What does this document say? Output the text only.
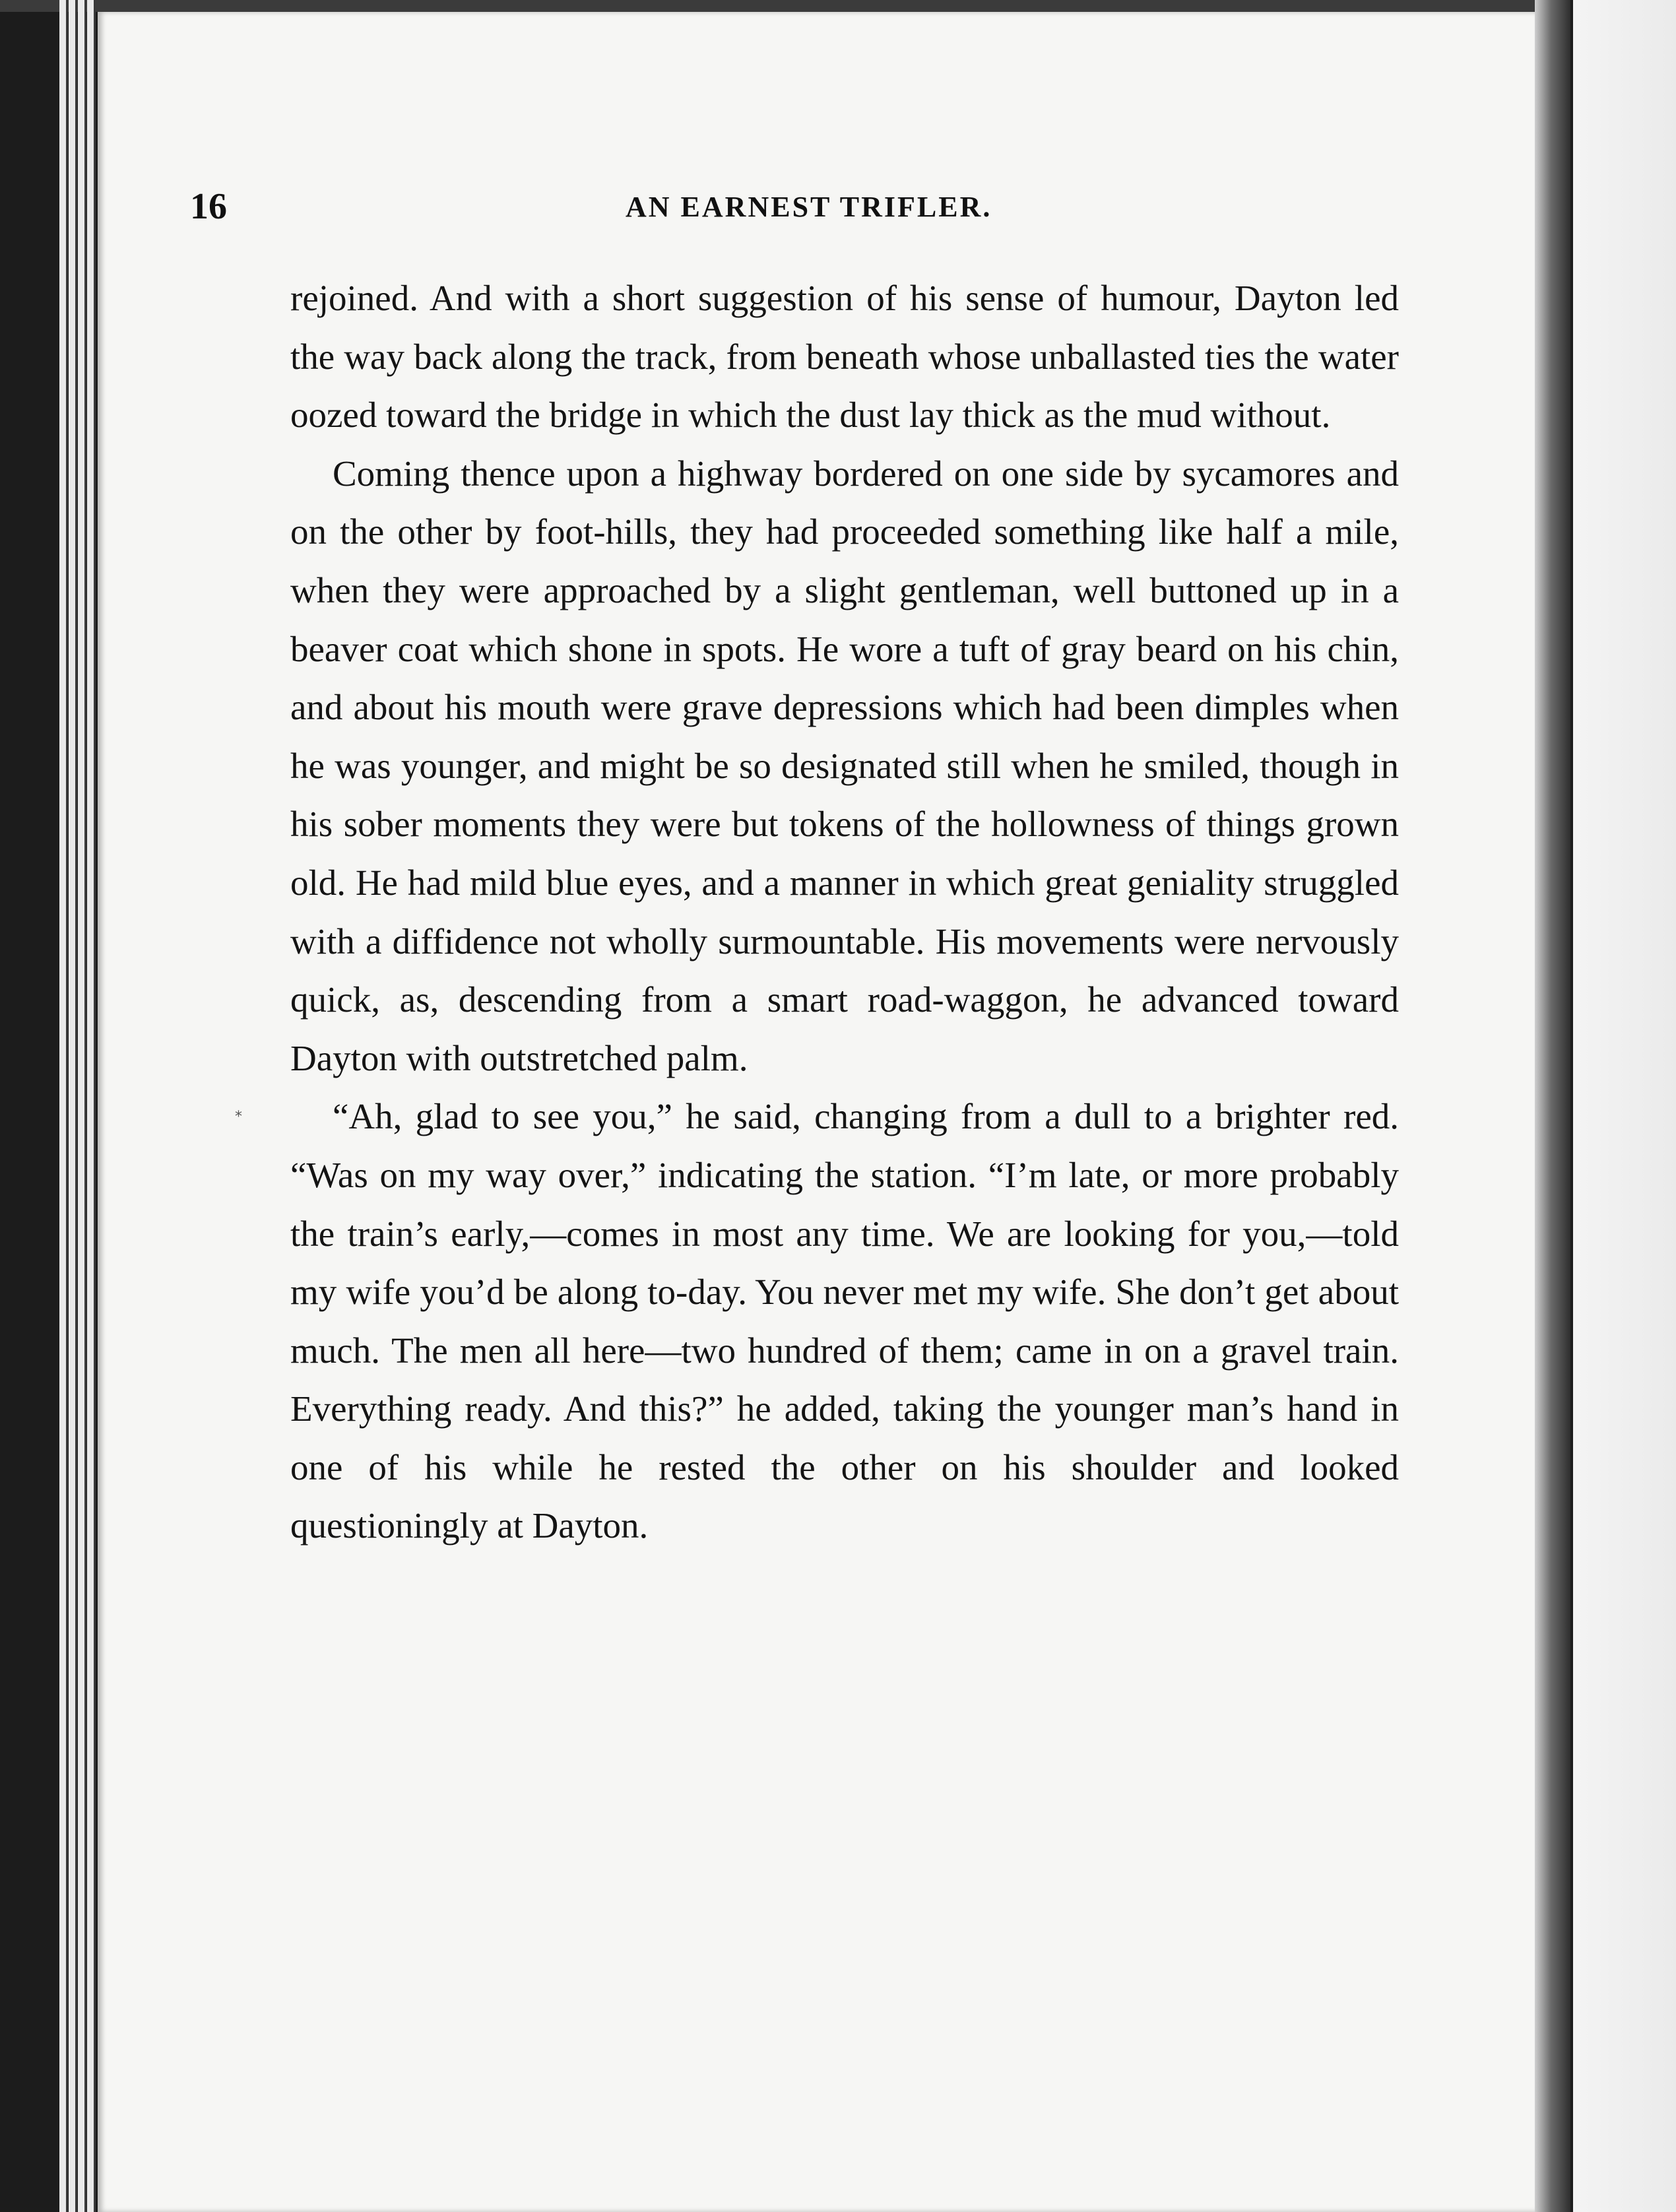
16	AN EARNEST TRIFLER.
*

rejoined. And with a short suggestion of his sense of humour, Dayton led the way back along the track, from beneath whose unballasted ties the water oozed toward the bridge in which the dust lay thick as the mud without.

Coming thence upon a highway bordered on one side by sycamores and on the other by foot-hills, they had proceeded something like half a mile, when they were approached by a slight gentleman, well buttoned up in a beaver coat which shone in spots. He wore a tuft of gray beard on his chin, and about his mouth were grave depressions which had been dimples when he was younger, and might be so designated still when he smiled, though in his sober moments they were but tokens of the hollowness of things grown old. He had mild blue eyes, and a manner in which great geniality struggled with a diffidence not wholly surmountable. His movements were nervously quick, as, descending from a smart road-waggon, he advanced toward Dayton with outstretched palm.

“Ah, glad to see you,” he said, changing from a dull to a brighter red. “Was on my way over,” indicating the station. “I’m late, or more probably the train’s early,—comes in most any time. We are looking for you,—told my wife you’d be along to-day. You never met my wife. She don’t get about much. The men all here—two hundred of them; came in on a gravel train. Everything ready. And this?” he added, taking the younger man’s hand in one of his while he rested the other on his shoulder and looked questioningly at Dayton.
